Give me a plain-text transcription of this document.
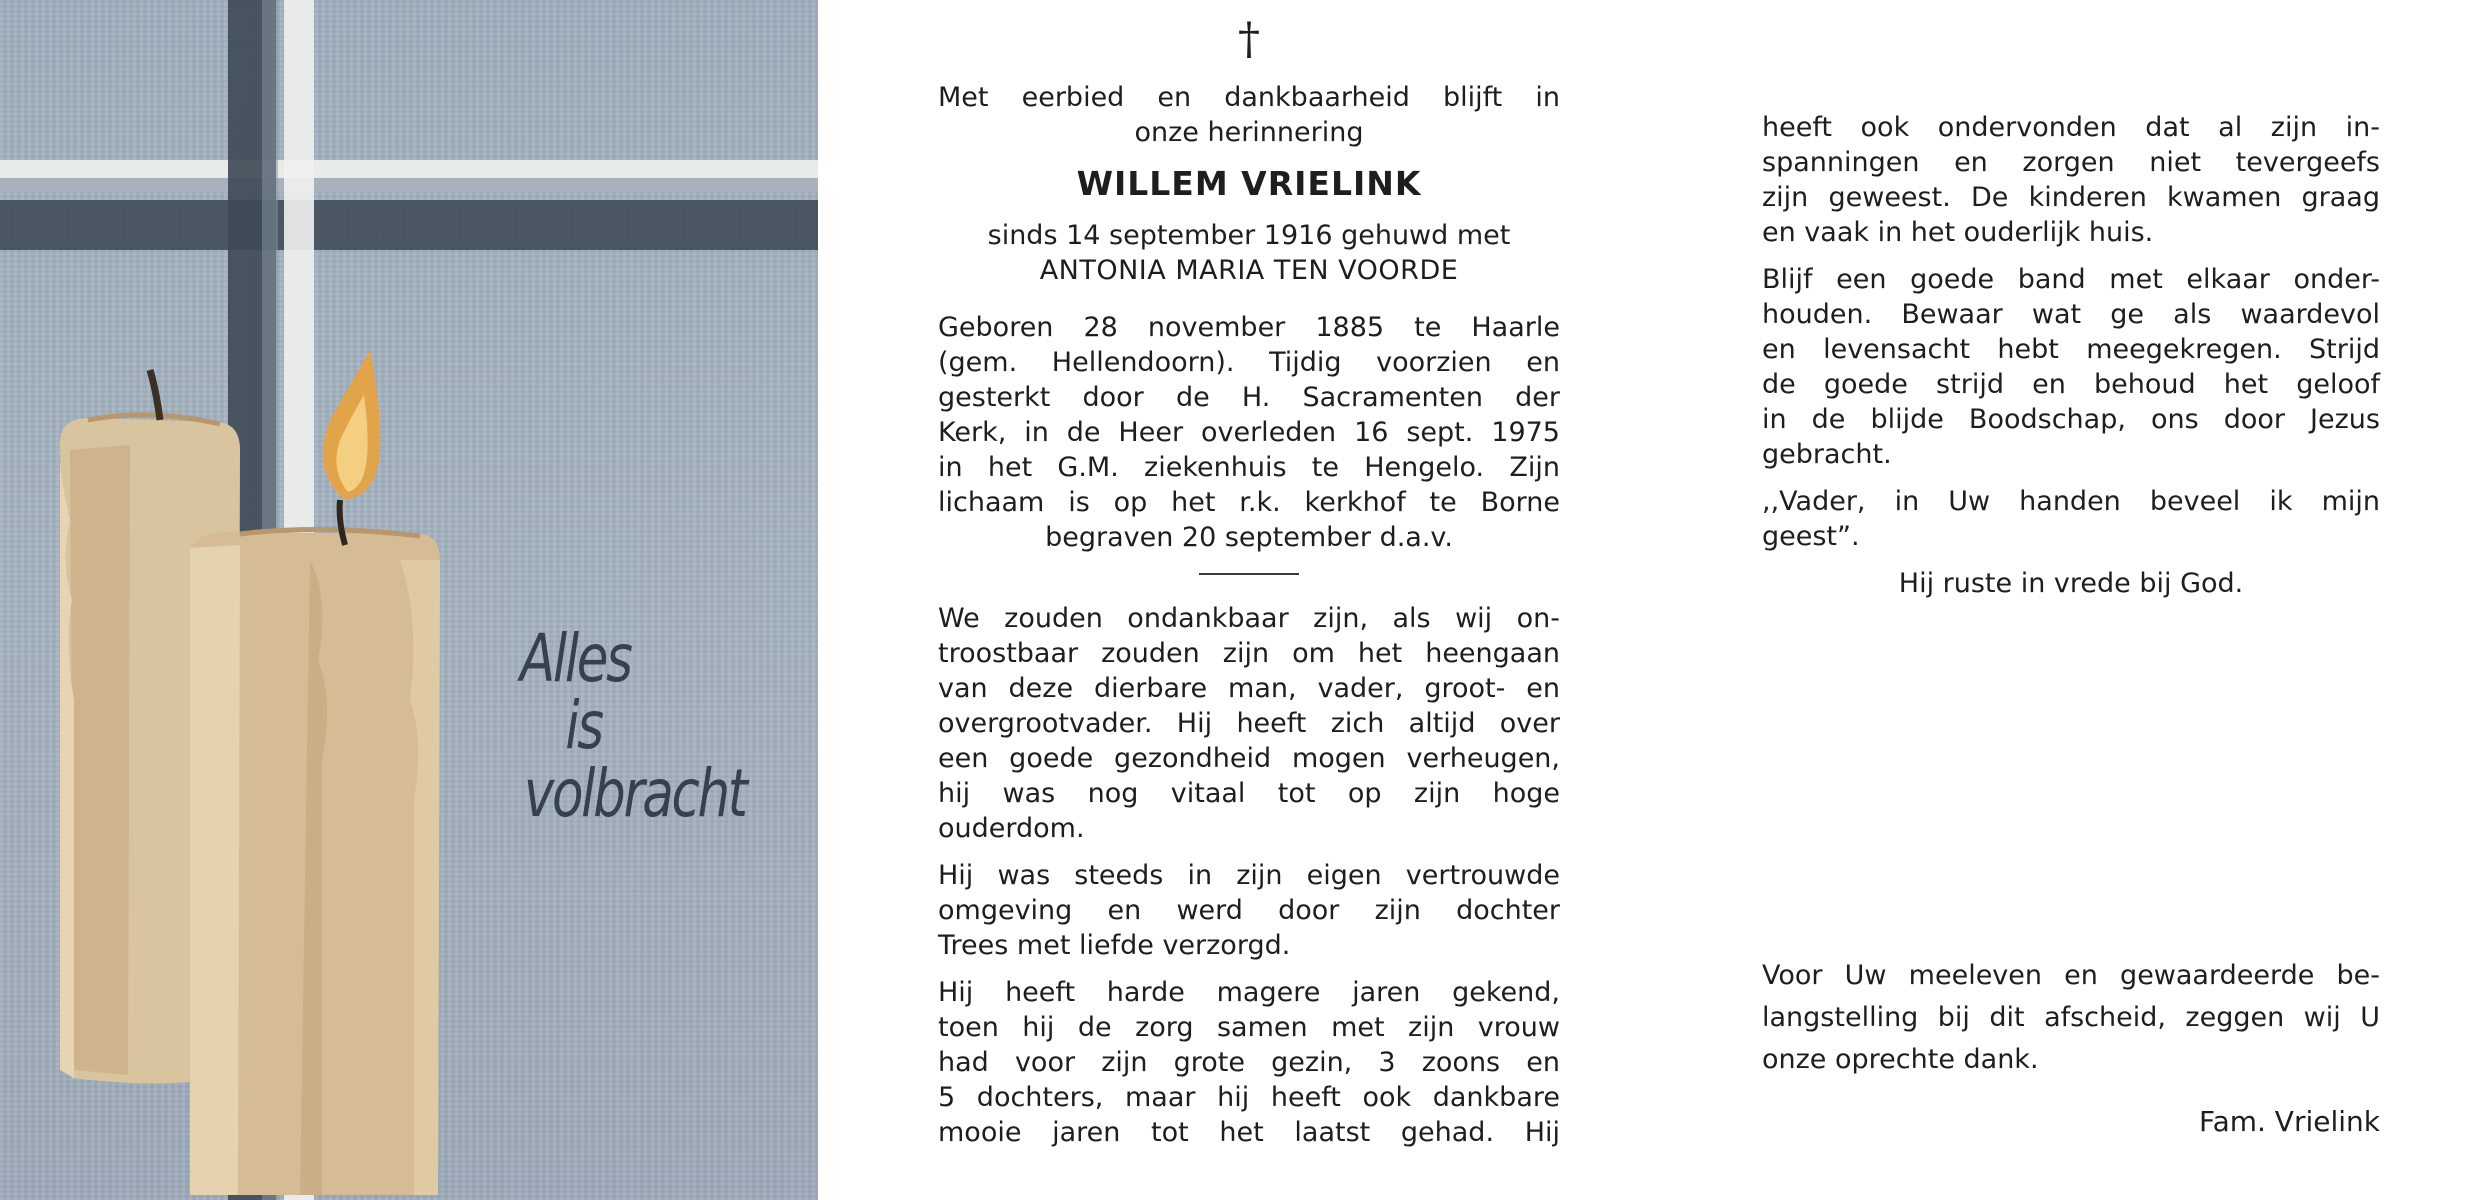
Alles
is
volbracht
†
Met eerbied en dankbaarheid blijft in
onze herinnering
WILLEM VRIELINK
sinds 14 september 1916 gehuwd met
ANTONIA MARIA TEN VOORDE
Geboren 28 november 1885 te Haarle
(gem. Hellendoorn). Tijdig voorzien en
gesterkt door de H. Sacramenten der
Kerk, in de Heer overleden 16 sept. 1975
in het G.M. ziekenhuis te Hengelo. Zijn
lichaam is op het r.k. kerkhof te Borne
begraven 20 september d.a.v.
We zouden ondankbaar zijn, als wij on-
troostbaar zouden zijn om het heengaan
van deze dierbare man, vader, groot- en
overgrootvader. Hij heeft zich altijd over
een goede gezondheid mogen verheugen,
hij was nog vitaal tot op zijn hoge
ouderdom.
Hij was steeds in zijn eigen vertrouwde
omgeving en werd door zijn dochter
Trees met liefde verzorgd.
Hij heeft harde magere jaren gekend,
toen hij de zorg samen met zijn vrouw
had voor zijn grote gezin, 3 zoons en
5 dochters, maar hij heeft ook dankbare
mooie jaren tot het laatst gehad. Hij
heeft ook ondervonden dat al zijn in-
spanningen en zorgen niet tevergeefs
zijn geweest. De kinderen kwamen graag
en vaak in het ouderlijk huis.
Blijf een goede band met elkaar onder-
houden. Bewaar wat ge als waardevol
en levensacht hebt meegekregen. Strijd
de goede strijd en behoud het geloof
in de blijde Boodschap, ons door Jezus
gebracht.
,,Vader, in Uw handen beveel ik mijn
geest”.
Hij ruste in vrede bij God.
Voor Uw meeleven en gewaardeerde be-
langstelling bij dit afscheid, zeggen wij U
onze oprechte dank.
Fam. Vrielink
